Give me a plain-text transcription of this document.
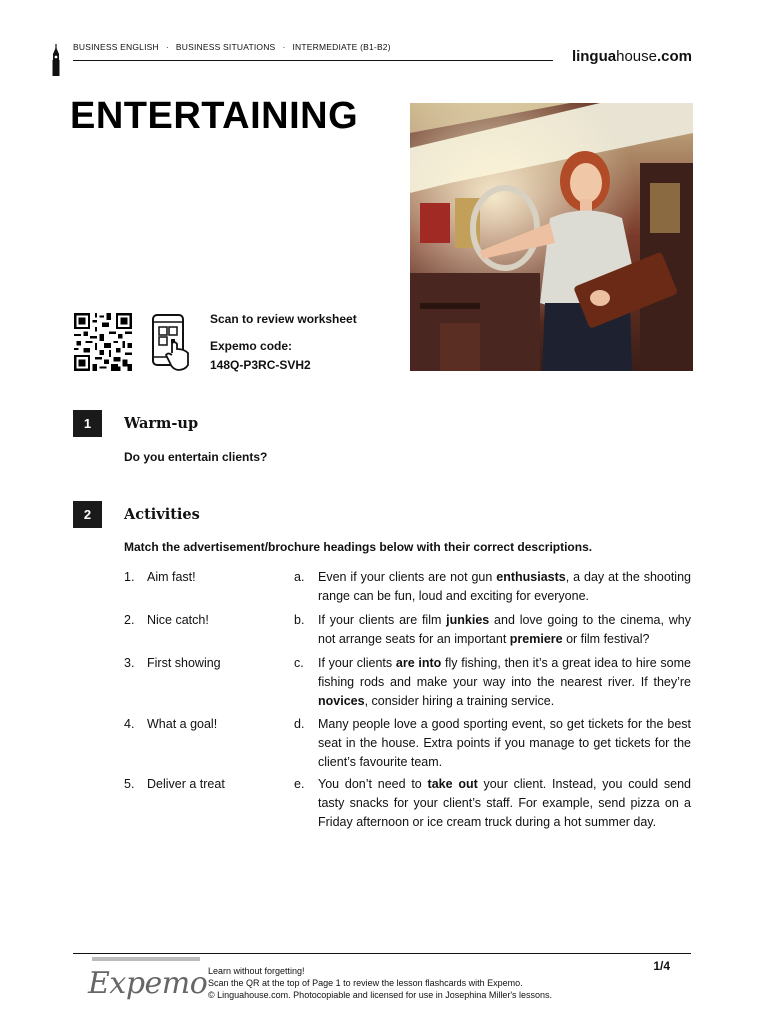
BUSINESS ENGLISH · BUSINESS SITUATIONS · INTERMEDIATE (B1-B2)
linguahouse.com
ENTERTAINING
Scan to review worksheet
Expemo code:
148Q-P3RC-SVH2
1	Warm-up
Do you entertain clients?
2	Activities
Match the advertisement/brochure headings below with their correct descriptions.
1. Aim fast!	a. Even if your clients are not gun enthusiasts, a day at the shooting range can be fun, loud and exciting for everyone.
2. Nice catch!	b. If your clients are film junkies and love going to the cinema, why not arrange seats for an important premiere or film festival?
3. First showing	c. If your clients are into fly fishing, then it’s a great idea to hire some fishing rods and make your way into the nearest river. If they’re novices, consider hiring a training service.
4. What a goal!	d. Many people love a good sporting event, so get tickets for the best seat in the house. Extra points if you manage to get tickets for the client’s favourite team.
5. Deliver a treat	e. You don’t need to take out your client. Instead, you could send tasty snacks for your client’s staff. For example, send pizza on a Friday afternoon or ice cream truck during a hot summer day.
Expemo Learn without forgetting!
Scan the QR at the top of Page 1 to review the lesson flashcards with Expemo.
© Linguahouse.com. Photocopiable and licensed for use in Josephina Miller's lessons.
1/4
